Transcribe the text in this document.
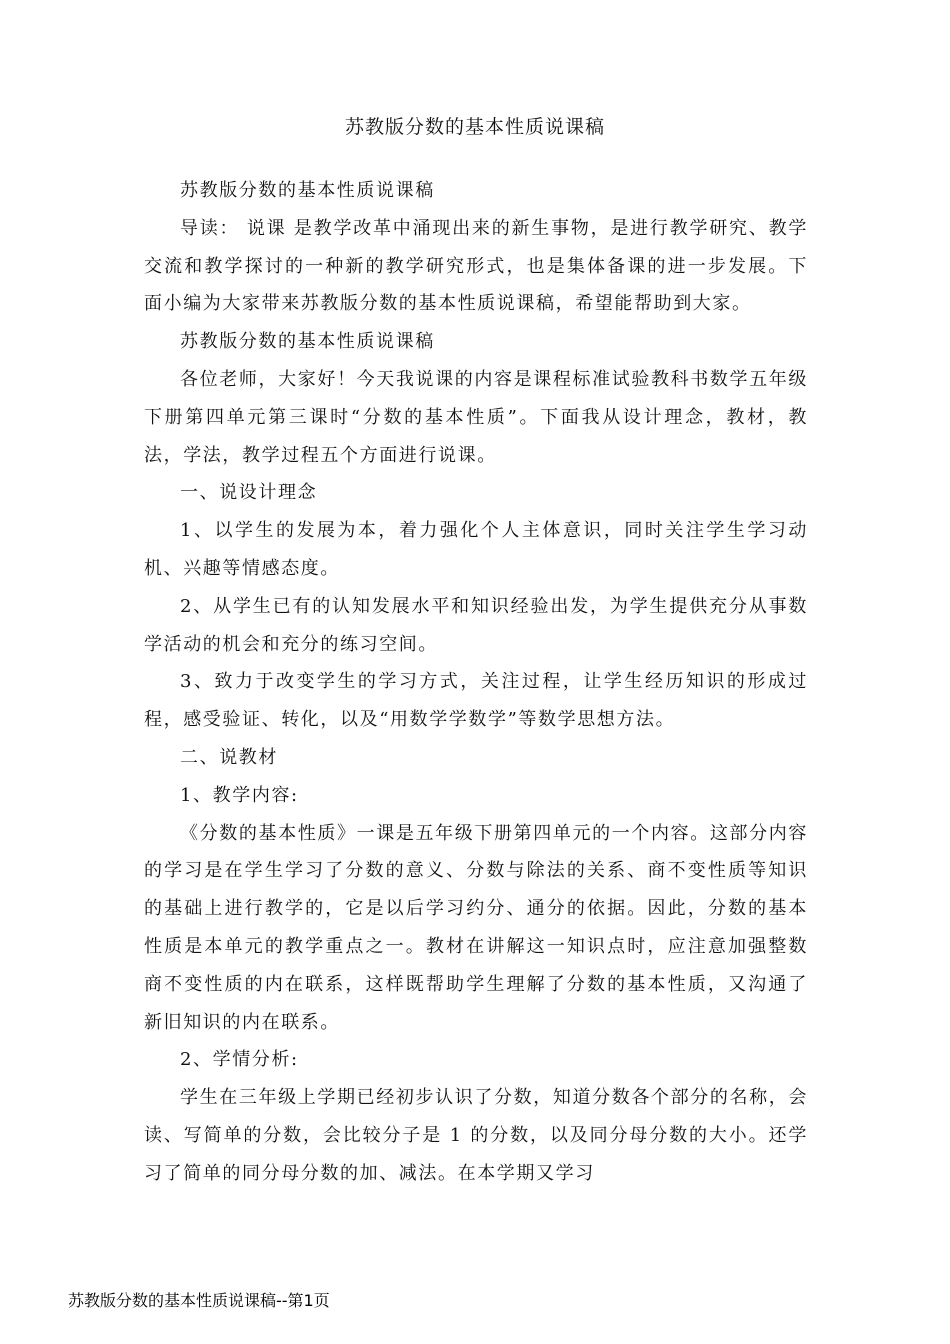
苏教版分数的基本性质说课稿

苏教版分数的基本性质说课稿

导读： 说课 是教学改革中涌现出来的新生事物，是进行教学研究、教学交流和教学探讨的一种新的教学研究形式，也是集体备课的进一步发展。下面小编为大家带来苏教版分数的基本性质说课稿，希望能帮助到大家。

苏教版分数的基本性质说课稿

各位老师，大家好！今天我说课的内容是课程标准试验教科书数学五年级下册第四单元第三课时“分数的基本性质”。下面我从设计理念，教材，教法，学法，教学过程五个方面进行说课。

一、说设计理念

1、以学生的发展为本，着力强化个人主体意识，同时关注学生学习动机、兴趣等情感态度。

2、从学生已有的认知发展水平和知识经验出发，为学生提供充分从事数学活动的机会和充分的练习空间。

3、致力于改变学生的学习方式，关注过程，让学生经历知识的形成过程，感受验证、转化，以及“用数学学数学”等数学思想方法。

二、说教材

1、教学内容:

《分数的基本性质》一课是五年级下册第四单元的一个内容。这部分内容的学习是在学生学习了分数的意义、分数与除法的关系、商不变性质等知识的基础上进行教学的，它是以后学习约分、通分的依据。因此，分数的基本性质是本单元的教学重点之一。教材在讲解这一知识点时，应注意加强整数商不变性质的内在联系，这样既帮助学生理解了分数的基本性质，又沟通了新旧知识的内在联系。

2、学情分析:

学生在三年级上学期已经初步认识了分数，知道分数各个部分的名称，会读、写简单的分数，会比较分子是 1 的分数，以及同分母分数的大小。还学习了简单的同分母分数的加、减法。在本学期又学习

苏教版分数的基本性质说课稿--第1页
